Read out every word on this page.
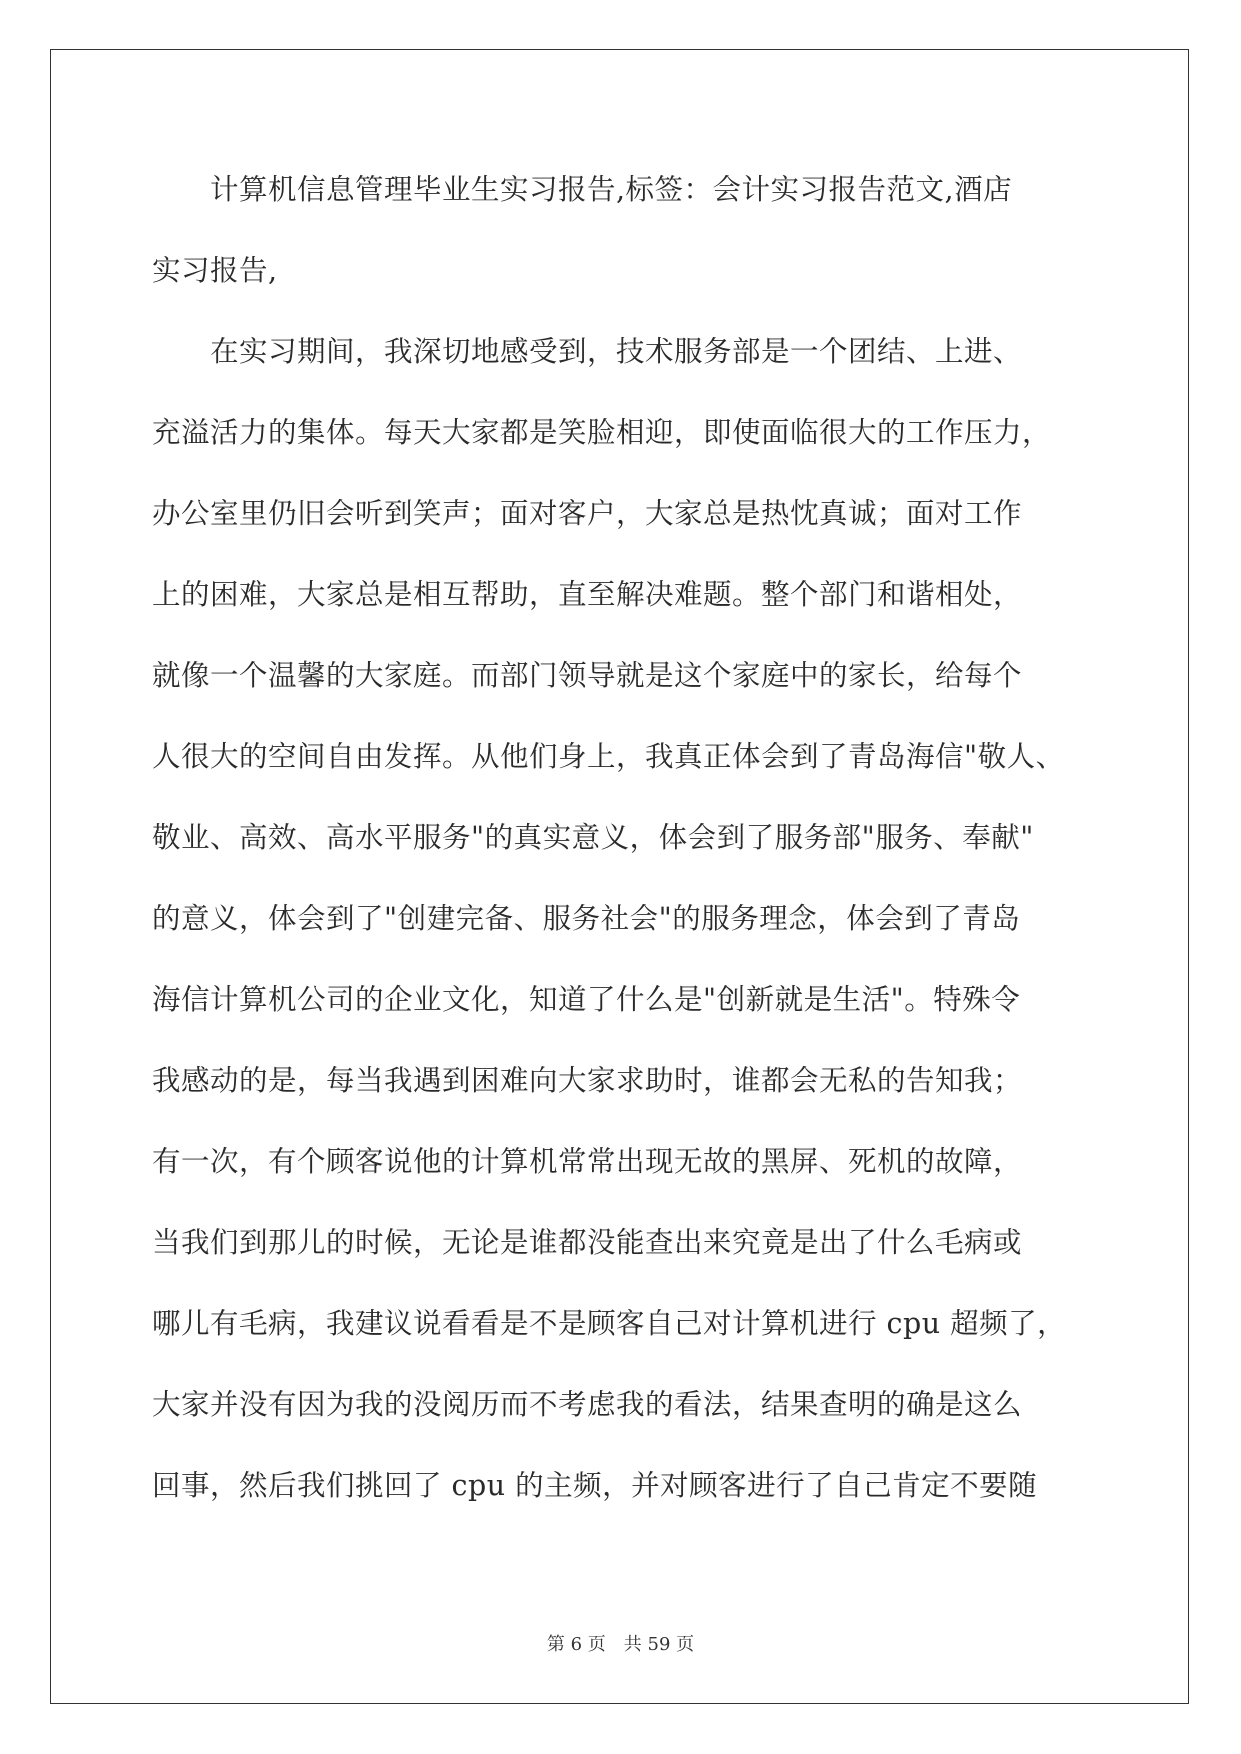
　　计算机信息管理毕业生实习报告,标签：会计实习报告范文,酒店
实习报告,
　　在实习期间，我深切地感受到，技术服务部是一个团结、上进、
充溢活力的集体。每天大家都是笑脸相迎，即使面临很大的工作压力，
办公室里仍旧会听到笑声；面对客户，大家总是热忱真诚；面对工作
上的困难，大家总是相互帮助，直至解决难题。整个部门和谐相处，
就像一个温馨的大家庭。而部门领导就是这个家庭中的家长，给每个
人很大的空间自由发挥。从他们身上，我真正体会到了青岛海信"敬人、
敬业、高效、高水平服务"的真实意义，体会到了服务部"服务、奉献"
的意义，体会到了"创建完备、服务社会"的服务理念，体会到了青岛
海信计算机公司的企业文化，知道了什么是"创新就是生活"。特殊令
我感动的是，每当我遇到困难向大家求助时，谁都会无私的告知我；
有一次，有个顾客说他的计算机常常出现无故的黑屏、死机的故障，
当我们到那儿的时候，无论是谁都没能查出来究竟是出了什么毛病或
哪儿有毛病，我建议说看看是不是顾客自己对计算机进行 cpu 超频了，
大家并没有因为我的没阅历而不考虑我的看法，结果查明的确是这么
回事，然后我们挑回了 cpu 的主频，并对顾客进行了自己肯定不要随
第 6 页　共 59 页
